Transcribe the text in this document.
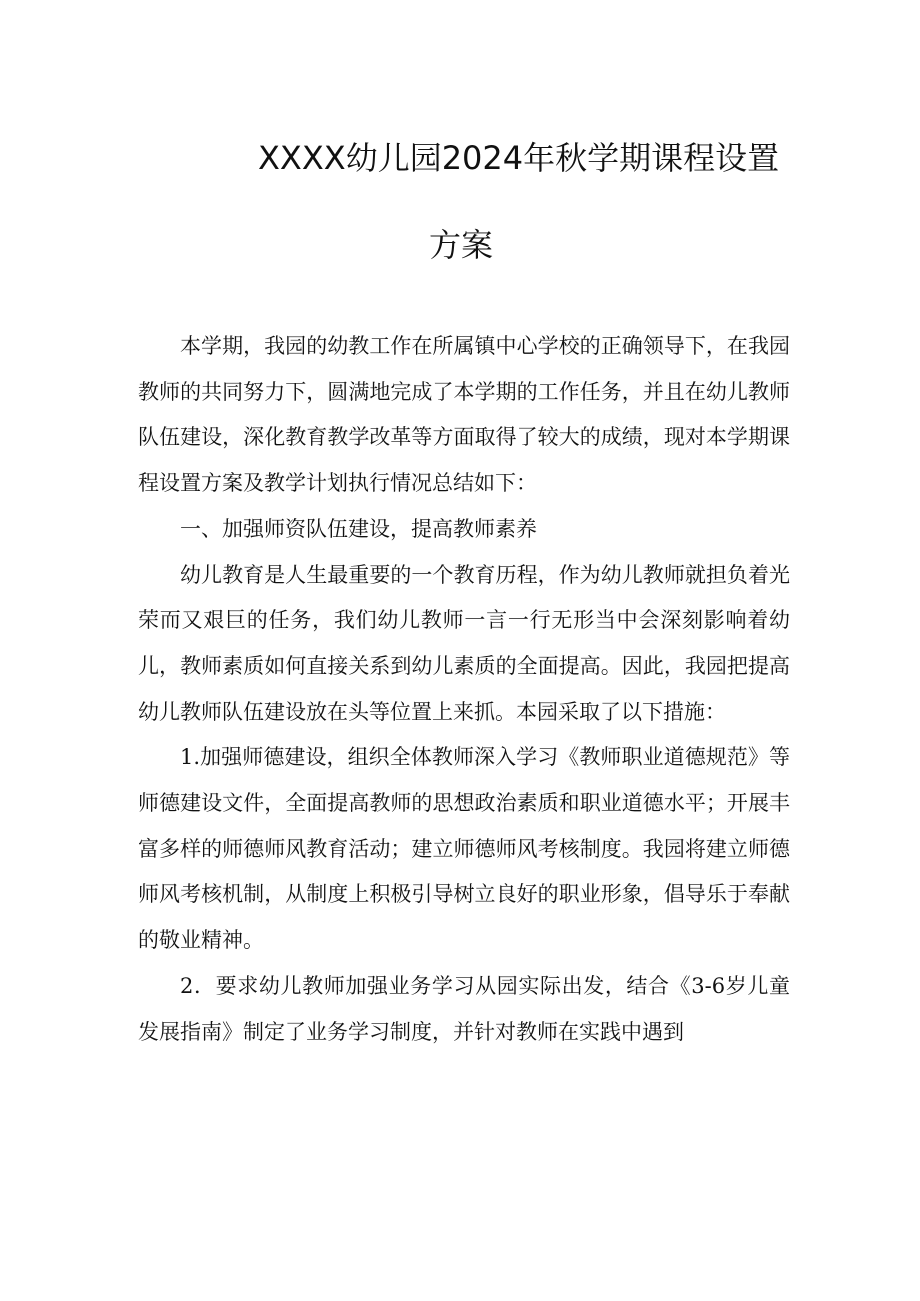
XXXX幼儿园2024年秋学期课程设置
方案

本学期，我园的幼教工作在所属镇中心学校的正确领导下，在我园教师的共同努力下，圆满地完成了本学期的工作任务，并且在幼儿教师队伍建设，深化教育教学改革等方面取得了较大的成绩，现对本学期课程设置方案及教学计划执行情况总结如下：

一、加强师资队伍建设，提高教师素养

幼儿教育是人生最重要的一个教育历程，作为幼儿教师就担负着光荣而又艰巨的任务，我们幼儿教师一言一行无形当中会深刻影响着幼儿，教师素质如何直接关系到幼儿素质的全面提高。因此，我园把提高幼儿教师队伍建设放在头等位置上来抓。本园采取了以下措施：

1.加强师德建设，组织全体教师深入学习《教师职业道德规范》等师德建设文件，全面提高教师的思想政治素质和职业道德水平；开展丰富多样的师德师风教育活动；建立师德师风考核制度。我园将建立师德师风考核机制，从制度上积极引导树立良好的职业形象，倡导乐于奉献的敬业精神。

2．要求幼儿教师加强业务学习从园实际出发，结合《3-6岁儿童发展指南》制定了业务学习制度，并针对教师在实践中遇到
